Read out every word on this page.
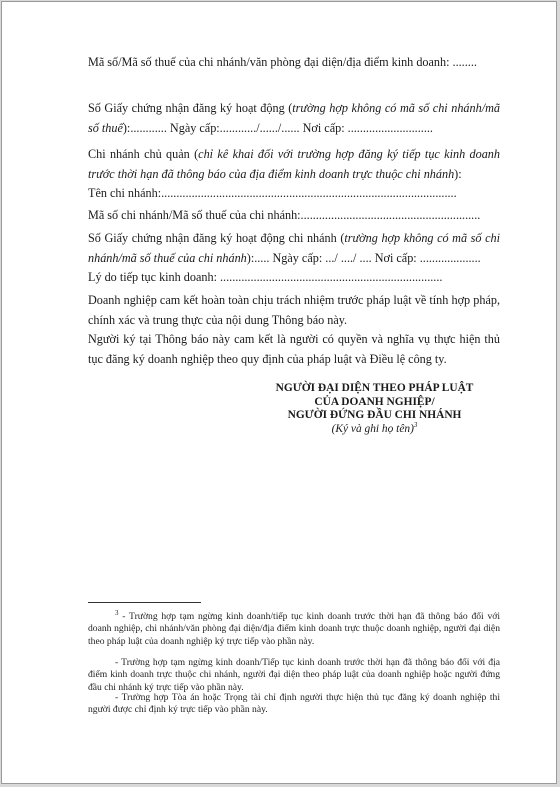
Mã số/Mã số thuế của chi nhánh/văn phòng đại diện/địa điểm kinh doanh: ........

Số Giấy chứng nhận đăng ký hoạt động (trường hợp không có mã số chi nhánh/mã số thuế):............ Ngày cấp:............/....../...... Nơi cấp: ............................

Chi nhánh chủ quản (chỉ kê khai đối với trường hợp đăng ký tiếp tục kinh doanh trước thời hạn đã thông báo của địa điểm kinh doanh trực thuộc chi nhánh):

Tên chi nhánh:.................................................................................................

Mã số chi nhánh/Mã số thuế của chi nhánh:...........................................................

Số Giấy chứng nhận đăng ký hoạt động chi nhánh (trường hợp không có mã số chi nhánh/mã số thuế của chi nhánh):..... Ngày cấp: .../ ..../ .... Nơi cấp: ....................

Lý do tiếp tục kinh doanh: .........................................................................

Doanh nghiệp cam kết hoàn toàn chịu trách nhiệm trước pháp luật về tính hợp pháp, chính xác và trung thực của nội dung Thông báo này.

Người ký tại Thông báo này cam kết là người có quyền và nghĩa vụ thực hiện thủ tục đăng ký doanh nghiệp theo quy định của pháp luật và Điều lệ công ty.

NGƯỜI ĐẠI DIỆN THEO PHÁP LUẬT
CỦA DOANH NGHIỆP/
NGƯỜI ĐỨNG ĐẦU CHI NHÁNH
(Ký và ghi họ tên)$^3$
$^3$ - Trường hợp tạm ngừng kinh doanh/tiếp tục kinh doanh trước thời hạn đã thông báo đối với doanh nghiệp, chi nhánh/văn phòng đại diện/địa điểm kinh doanh trực thuộc doanh nghiệp, người đại diện theo pháp luật của doanh nghiệp ký trực tiếp vào phần này.
- Trường hợp tạm ngừng kinh doanh/Tiếp tục kinh doanh trước thời hạn đã thông báo đối với địa điểm kinh doanh trực thuộc chi nhánh, người đại diện theo pháp luật của doanh nghiệp hoặc người đứng đầu chi nhánh ký trực tiếp vào phần này.
- Trường hợp Tòa án hoặc Trọng tài chỉ định người thực hiện thủ tục đăng ký doanh nghiệp thì người được chỉ định ký trực tiếp vào phần này.
